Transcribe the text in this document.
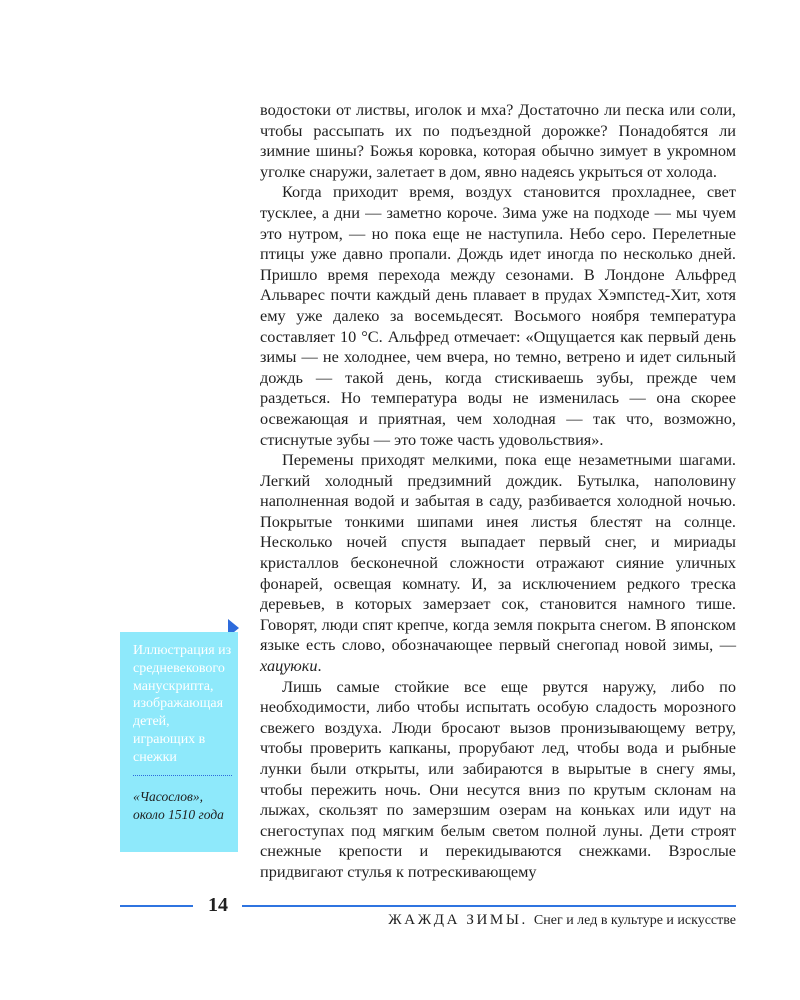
водостоки от листвы, иголок и мха? Достаточно ли песка или соли, чтобы рассыпать их по подъездной дорожке? Понадобятся ли зимние шины? Божья коровка, которая обычно зимует в укромном уголке снаружи, залетает в дом, явно надеясь укрыться от холода.

Когда приходит время, воздух становится прохладнее, свет тусклее, а дни — заметно короче. Зима уже на подходе — мы чуем это нутром, — но пока еще не наступила. Небо серо. Перелетные птицы уже давно пропали. Дождь идет иногда по несколько дней. Пришло время перехода между сезонами. В Лондоне Альфред Альварес почти каждый день плавает в прудах Хэмпстед-Хит, хотя ему уже далеко за восемьдесят. Восьмого ноября температура составляет 10 °С. Альфред отмечает: «Ощущается как первый день зимы — не холоднее, чем вчера, но темно, ветрено и идет сильный дождь — такой день, когда стискиваешь зубы, прежде чем раздеться. Но температура воды не изменилась — она скорее освежающая и приятная, чем холодная — так что, возможно, стиснутые зубы — это тоже часть удовольствия».

Перемены приходят мелкими, пока еще незаметными шагами. Легкий холодный предзимний дождик. Бутылка, наполовину наполненная водой и забытая в саду, разбивается холодной ночью. Покрытые тонкими шипами инея листья блестят на солнце. Несколько ночей спустя выпадает первый снег, и мириады кристаллов бесконечной сложности отражают сияние уличных фонарей, освещая комнату. И, за исключением редкого треска деревьев, в которых замерзает сок, становится намного тише. Говорят, люди спят крепче, когда земля покрыта снегом. В японском языке есть слово, обозначающее первый снегопад новой зимы, — хацуюки.

Лишь самые стойкие все еще рвутся наружу, либо по необходимости, либо чтобы испытать особую сладость морозного свежего воздуха. Люди бросают вызов пронизывающему ветру, чтобы проверить капканы, прорубают лед, чтобы вода и рыбные лунки были открыты, или забираются в вырытые в снегу ямы, чтобы пережить ночь. Они несутся вниз по крутым склонам на лыжах, скользят по замерзшим озерам на коньках или идут на снегоступах под мягким белым светом полной луны. Дети строят снежные крепости и перекидываются снежками. Взрослые придвигают стулья к потрескивающему

Иллюстрация из средневекового манускрипта, изображающая детей, играющих в снежки

«Часослов», около 1510 года

14
ЖАЖДА ЗИМЫ. Снег и лед в культуре и искусстве
